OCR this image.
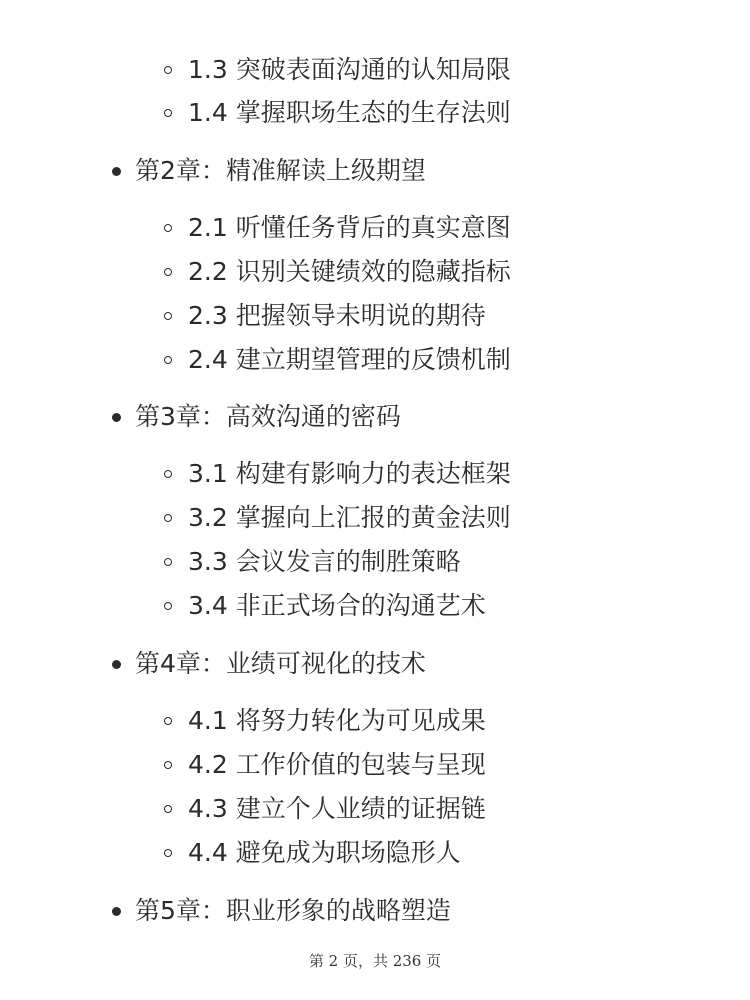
1.3 突破表面沟通的认知局限
1.4 掌握职场生态的生存法则
第2章：精准解读上级期望
2.1 听懂任务背后的真实意图
2.2 识别关键绩效的隐藏指标
2.3 把握领导未明说的期待
2.4 建立期望管理的反馈机制
第3章：高效沟通的密码
3.1 构建有影响力的表达框架
3.2 掌握向上汇报的黄金法则
3.3 会议发言的制胜策略
3.4 非正式场合的沟通艺术
第4章：业绩可视化的技术
4.1 将努力转化为可见成果
4.2 工作价值的包装与呈现
4.3 建立个人业绩的证据链
4.4 避免成为职场隐形人
第5章：职业形象的战略塑造
第 2 页，共 236 页
